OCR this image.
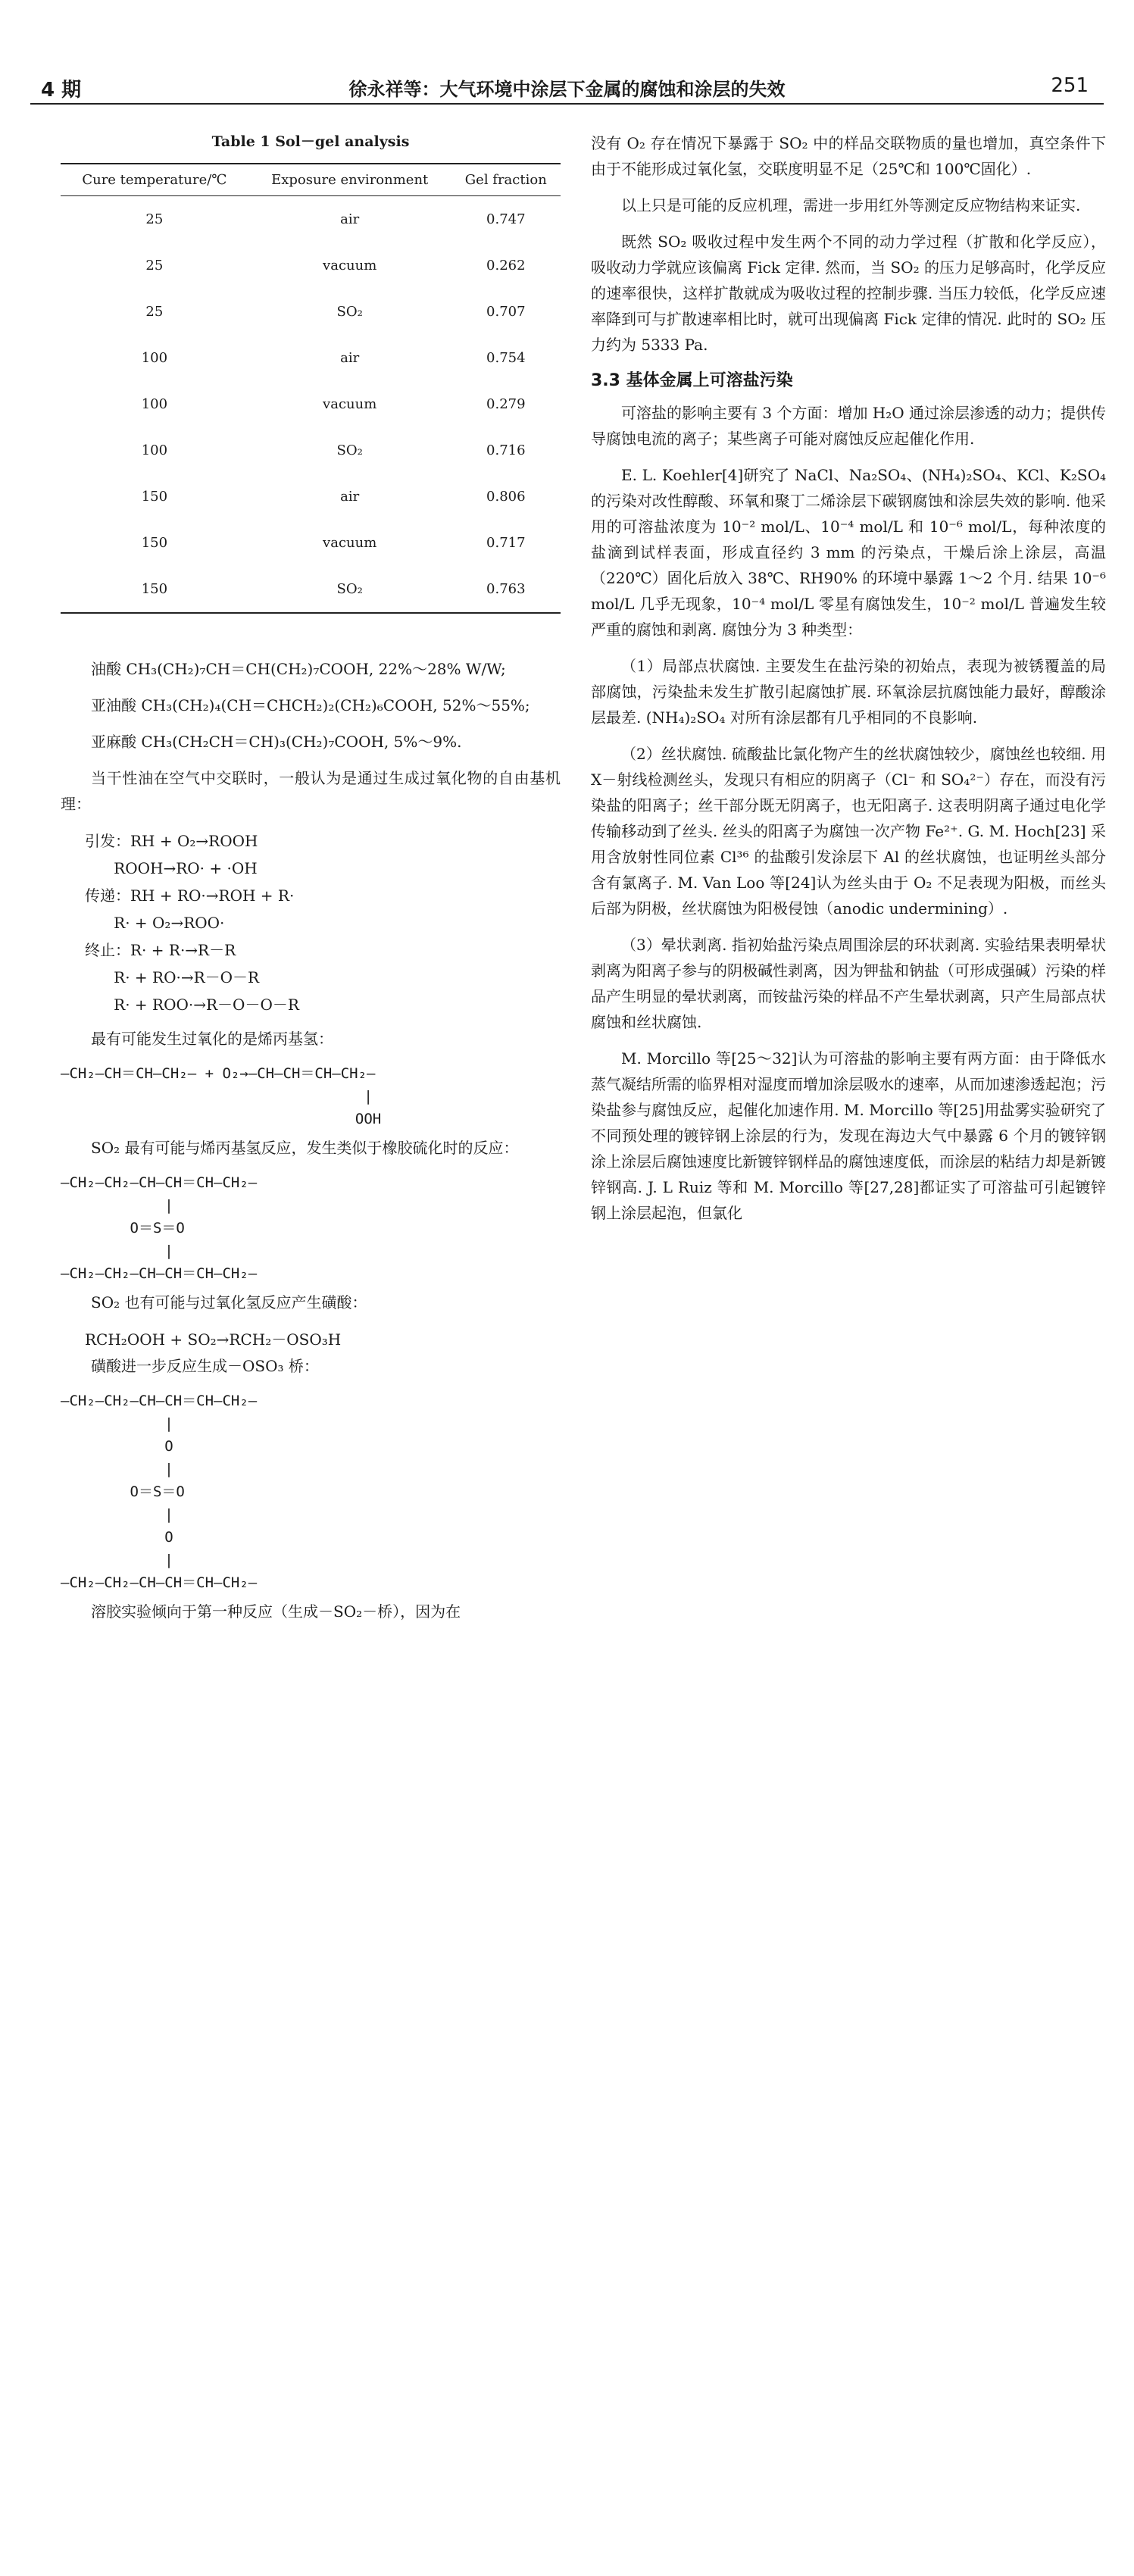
4 期	徐永祥等：大气环境中涂层下金属的腐蚀和涂层的失效	251
Table 1 Sol－gel analysis
Cure temperature/℃	Exposure environment	Gel fraction
25	air	0.747
25	vacuum	0.262
25	SO₂	0.707
100	air	0.754
100	vacuum	0.279
100	SO₂	0.716
150	air	0.806
150	vacuum	0.717
150	SO₂	0.763

油酸 CH₃(CH₂)₇CH＝CH(CH₂)₇COOH, 22%～28% W/W;

亚油酸 CH₃(CH₂)₄(CH＝CHCH₂)₂(CH₂)₆COOH, 52%～55%;

亚麻酸 CH₃(CH₂CH＝CH)₃(CH₂)₇COOH, 5%～9%.

当干性油在空气中交联时，一般认为是通过生成过氧化物的自由基机理：

引发：RH + O₂→ROOH
ROOH→RO· + ·OH
传递：RH + RO·→ROH + R·
R· + O₂→ROO·
终止：R· + R·→R－R
R· + RO·→R－O－R
R· + ROO·→R－O－O－R

最有可能发生过氧化的是烯丙基氢：

—CH₂—CH＝CH—CH₂— + O₂→—CH—CH＝CH—CH₂—
|
OOH

SO₂ 最有可能与烯丙基氢反应，发生类似于橡胶硫化时的反应：

—CH₂—CH₂—CH—CH＝CH—CH₂—
|
O＝S＝O
|
—CH₂—CH₂—CH—CH＝CH—CH₂—

SO₂ 也有可能与过氧化氢反应产生磺酸：

RCH₂OOH + SO₂→RCH₂－OSO₃H

磺酸进一步反应生成－OSO₃ 桥：

—CH₂—CH₂—CH—CH＝CH—CH₂—
|
O
|
O＝S＝O
|
O
|
—CH₂—CH₂—CH—CH＝CH—CH₂—

溶胶实验倾向于第一种反应（生成－SO₂－桥），因为在

没有 O₂ 存在情况下暴露于 SO₂ 中的样品交联物质的量也增加，真空条件下由于不能形成过氧化氢，交联度明显不足（25℃和 100℃固化）.

以上只是可能的反应机理，需进一步用红外等测定反应物结构来证实.

既然 SO₂ 吸收过程中发生两个不同的动力学过程（扩散和化学反应），吸收动力学就应该偏离 Fick 定律. 然而，当 SO₂ 的压力足够高时，化学反应的速率很快，这样扩散就成为吸收过程的控制步骤. 当压力较低，化学反应速率降到可与扩散速率相比时，就可出现偏离 Fick 定律的情况. 此时的 SO₂ 压力约为 5333 Pa.

3.3 基体金属上可溶盐污染

可溶盐的影响主要有 3 个方面：增加 H₂O 通过涂层渗透的动力；提供传导腐蚀电流的离子；某些离子可能对腐蚀反应起催化作用.

E. L. Koehler[4]研究了 NaCl、Na₂SO₄、(NH₄)₂SO₄、KCl、K₂SO₄ 的污染对改性醇酸、环氧和聚丁二烯涂层下碳钢腐蚀和涂层失效的影响. 他采用的可溶盐浓度为 10⁻² mol/L、10⁻⁴ mol/L 和 10⁻⁶ mol/L，每种浓度的盐滴到试样表面，形成直径约 3 mm 的污染点，干燥后涂上涂层，高温（220℃）固化后放入 38℃、RH90% 的环境中暴露 1～2 个月. 结果 10⁻⁶ mol/L 几乎无现象，10⁻⁴ mol/L 零星有腐蚀发生，10⁻² mol/L 普遍发生较严重的腐蚀和剥离. 腐蚀分为 3 种类型：

（1）局部点状腐蚀. 主要发生在盐污染的初始点，表现为被锈覆盖的局部腐蚀，污染盐未发生扩散引起腐蚀扩展. 环氧涂层抗腐蚀能力最好，醇酸涂层最差. (NH₄)₂SO₄ 对所有涂层都有几乎相同的不良影响.

（2）丝状腐蚀. 硫酸盐比氯化物产生的丝状腐蚀较少，腐蚀丝也较细. 用 X－射线检测丝头，发现只有相应的阴离子（Cl⁻ 和 SO₄²⁻）存在，而没有污染盐的阳离子；丝干部分既无阴离子，也无阳离子. 这表明阴离子通过电化学传输移动到了丝头. 丝头的阳离子为腐蚀一次产物 Fe²⁺. G. M. Hoch[23] 采用含放射性同位素 Cl³⁶ 的盐酸引发涂层下 Al 的丝状腐蚀，也证明丝头部分含有氯离子. M. Van Loo 等[24]认为丝头由于 O₂ 不足表现为阳极，而丝头后部为阴极，丝状腐蚀为阳极侵蚀（anodic undermining）.

（3）晕状剥离. 指初始盐污染点周围涂层的环状剥离. 实验结果表明晕状剥离为阳离子参与的阴极碱性剥离，因为钾盐和钠盐（可形成强碱）污染的样品产生明显的晕状剥离，而铵盐污染的样品不产生晕状剥离，只产生局部点状腐蚀和丝状腐蚀.

M. Morcillo 等[25～32]认为可溶盐的影响主要有两方面：由于降低水蒸气凝结所需的临界相对湿度而增加涂层吸水的速率，从而加速渗透起泡；污染盐参与腐蚀反应，起催化加速作用. M. Morcillo 等[25]用盐雾实验研究了不同预处理的镀锌钢上涂层的行为，发现在海边大气中暴露 6 个月的镀锌钢涂上涂层后腐蚀速度比新镀锌钢样品的腐蚀速度低，而涂层的粘结力却是新镀锌钢高. J. L Ruiz 等和 M. Morcillo 等[27,28]都证实了可溶盐可引起镀锌钢上涂层起泡，但氯化
